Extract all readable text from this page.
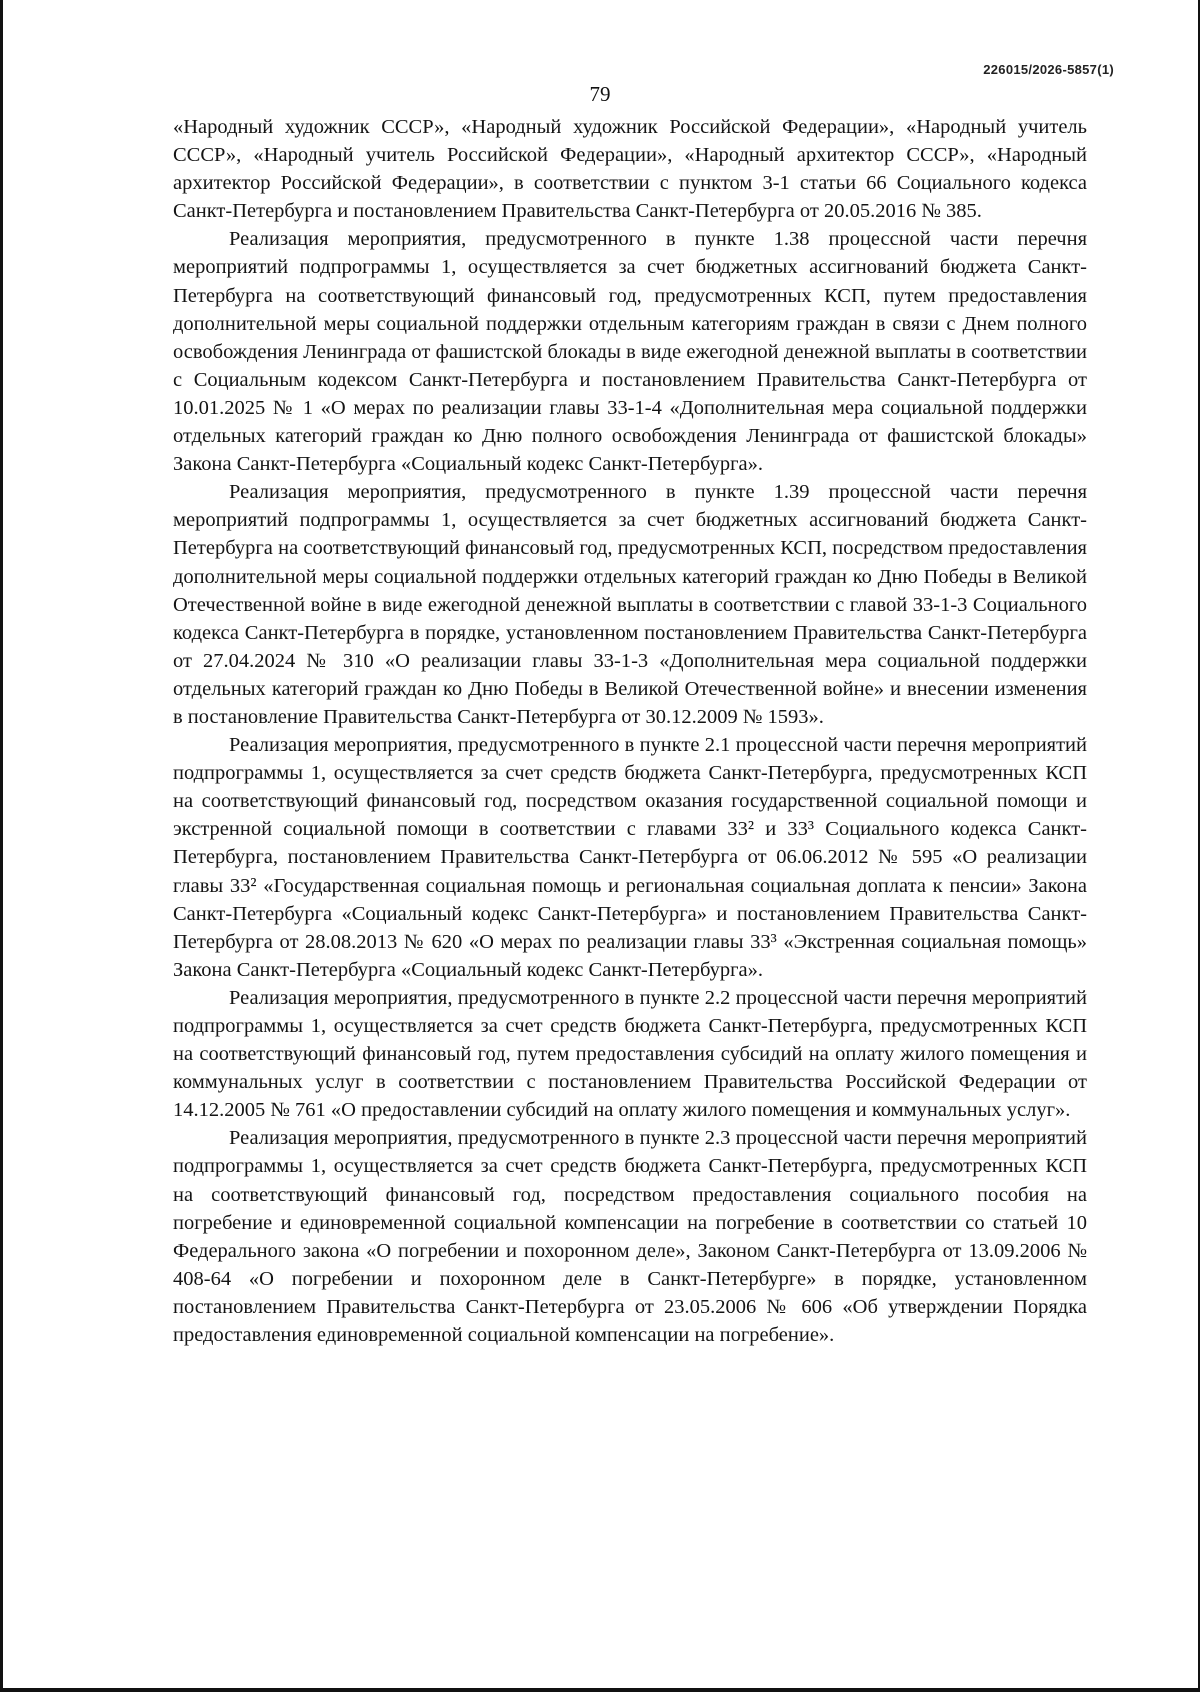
226015/2026-5857(1)
79

«Народный художник СССР», «Народный художник Российской Федерации», «Народный учитель СССР», «Народный учитель Российской Федерации», «Народный архитектор СССР», «Народный архитектор Российской Федерации», в соответствии с пунктом 3-1 статьи 66 Социального кодекса Санкт-Петербурга и постановлением Правительства Санкт-Петербурга от 20.05.2016 № 385.

Реализация мероприятия, предусмотренного в пункте 1.38 процессной части перечня мероприятий подпрограммы 1, осуществляется за счет бюджетных ассигнований бюджета Санкт-Петербурга на соответствующий финансовый год, предусмотренных КСП, путем предоставления дополнительной меры социальной поддержки отдельным категориям граждан в связи с Днем полного освобождения Ленинграда от фашистской блокады в виде ежегодной денежной выплаты в соответствии с Социальным кодексом Санкт-Петербурга и постановлением Правительства Санкт-Петербурга от 10.01.2025 № 1 «О мерах по реализации главы 33-1-4 «Дополнительная мера социальной поддержки отдельных категорий граждан ко Дню полного освобождения Ленинграда от фашистской блокады» Закона Санкт-Петербурга «Социальный кодекс Санкт-Петербурга».

Реализация мероприятия, предусмотренного в пункте 1.39 процессной части перечня мероприятий подпрограммы 1, осуществляется за счет бюджетных ассигнований бюджета Санкт-Петербурга на соответствующий финансовый год, предусмотренных КСП, посредством предоставления дополнительной меры социальной поддержки отдельных категорий граждан ко Дню Победы в Великой Отечественной войне в виде ежегодной денежной выплаты в соответствии с главой 33-1-3 Социального кодекса Санкт-Петербурга в порядке, установленном постановлением Правительства Санкт-Петербурга от 27.04.2024 № 310 «О реализации главы 33-1-3 «Дополнительная мера социальной поддержки отдельных категорий граждан ко Дню Победы в Великой Отечественной войне» и внесении изменения в постановление Правительства Санкт-Петербурга от 30.12.2009 № 1593».

Реализация мероприятия, предусмотренного в пункте 2.1 процессной части перечня мероприятий подпрограммы 1, осуществляется за счет средств бюджета Санкт-Петербурга, предусмотренных КСП на соответствующий финансовый год, посредством оказания государственной социальной помощи и экстренной социальной помощи в соответствии с главами 33² и 33³ Социального кодекса Санкт-Петербурга, постановлением Правительства Санкт-Петербурга от 06.06.2012 № 595 «О реализации главы 33² «Государственная социальная помощь и региональная социальная доплата к пенсии» Закона Санкт-Петербурга «Социальный кодекс Санкт-Петербурга» и постановлением Правительства Санкт-Петербурга от 28.08.2013 № 620 «О мерах по реализации главы 33³ «Экстренная социальная помощь» Закона Санкт-Петербурга «Социальный кодекс Санкт-Петербурга».

Реализация мероприятия, предусмотренного в пункте 2.2 процессной части перечня мероприятий подпрограммы 1, осуществляется за счет средств бюджета Санкт-Петербурга, предусмотренных КСП на соответствующий финансовый год, путем предоставления субсидий на оплату жилого помещения и коммунальных услуг в соответствии с постановлением Правительства Российской Федерации от 14.12.2005 № 761 «О предоставлении субсидий на оплату жилого помещения и коммунальных услуг».

Реализация мероприятия, предусмотренного в пункте 2.3 процессной части перечня мероприятий подпрограммы 1, осуществляется за счет средств бюджета Санкт-Петербурга, предусмотренных КСП на соответствующий финансовый год, посредством предоставления социального пособия на погребение и единовременной социальной компенсации на погребение в соответствии со статьей 10 Федерального закона «О погребении и похоронном деле», Законом Санкт-Петербурга от 13.09.2006 № 408-64 «О погребении и похоронном деле в Санкт-Петербурге» в порядке, установленном постановлением Правительства Санкт-Петербурга от 23.05.2006 № 606 «Об утверждении Порядка предоставления единовременной социальной компенсации на погребение».
